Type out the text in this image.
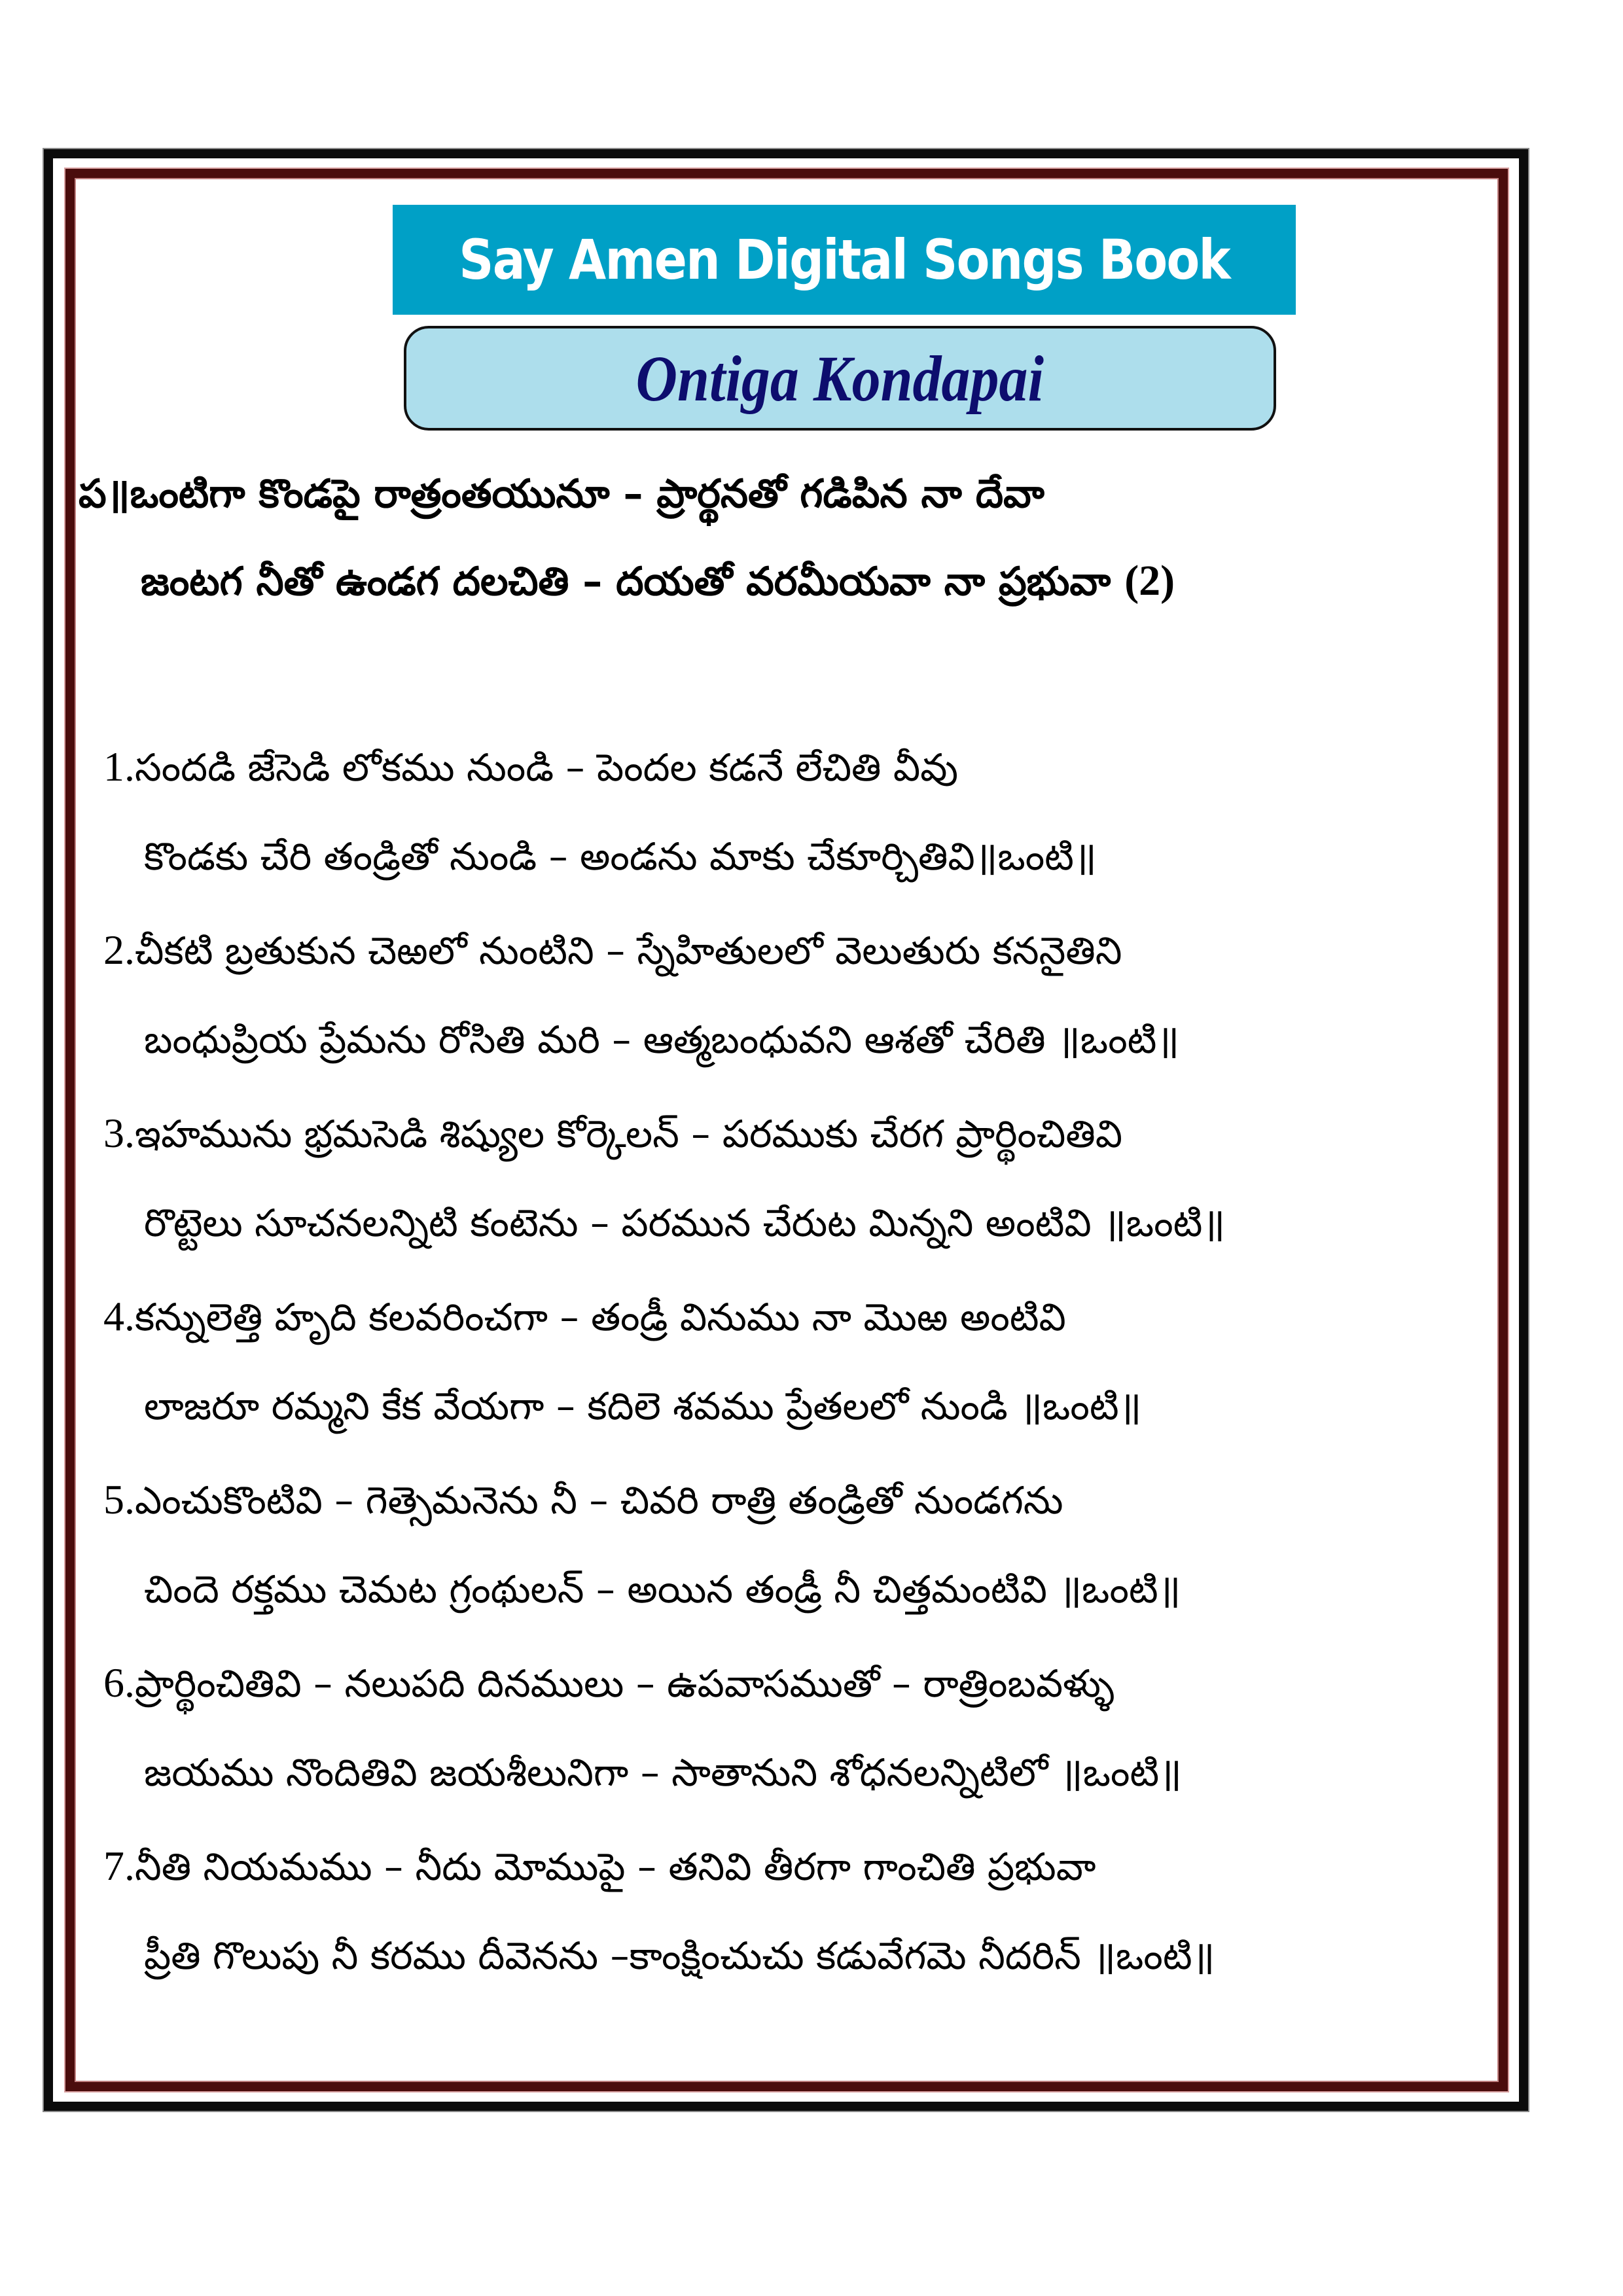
Say Amen Digital Songs Book
Ontiga Kondapai
ప॥ఒంటిగా కొండపై రాత్రంతయునూ – ప్రార్థనతో గడిపిన నా దేవా
జంటగ నీతో ఉండగ దలచితి – దయతో వరమీయవా నా ప్రభువా (2)
1.సందడి జేసెడి లోకము నుండి – పెందల కడనే లేచితి వీవు
కొండకు చేరి తండ్రితో నుండి – అండను మాకు చేకూర్చితివి॥ఒంటి॥
2.చీకటి బ్రతుకున చెఱలో నుంటిని – స్నేహితులలో వెలుతురు కననైతిని
బంధుప్రియ ప్రేమను రోసితి మరి – ఆత్మబంధువని ఆశతో చేరితి ॥ఒంటి॥
3.ఇహమును భ్రమసెడి శిష్యుల కోర్కెలన్ – పరముకు చేరగ ప్రార్థించితివి
రొట్టెలు సూచనలన్నిటి కంటెను – పరమున చేరుట మిన్నని అంటివి ॥ఒంటి॥
4.కన్నులెత్తి హృది కలవరించగా – తండ్రీ వినుము నా మొఱ అంటివి
లాజరూ రమ్మని కేక వేయగా – కదిలె శవము ప్రేతలలో నుండి ॥ఒంటి॥
5.ఎంచుకొంటివి – గెత్సెమనెను నీ – చివరి రాత్రి తండ్రితో నుండగను
చిందె రక్తము చెమట గ్రంథులన్ – అయిన తండ్రీ నీ చిత్తమంటివి ॥ఒంటి॥
6.ప్రార్థించితివి – నలుపది దినములు – ఉపవాసముతో – రాత్రింబవళ్ళు
జయము నొందితివి జయశీలునిగా – సాతానుని శోధనలన్నిటిలో ॥ఒంటి॥
7.నీతి నియమము – నీదు మోముపై – తనివి తీరగా గాంచితి ప్రభువా
ప్రీతి గొలుపు నీ కరము దీవెనను –కాంక్షించుచు కడువేగమె నీదరిన్ ॥ఒంటి॥
